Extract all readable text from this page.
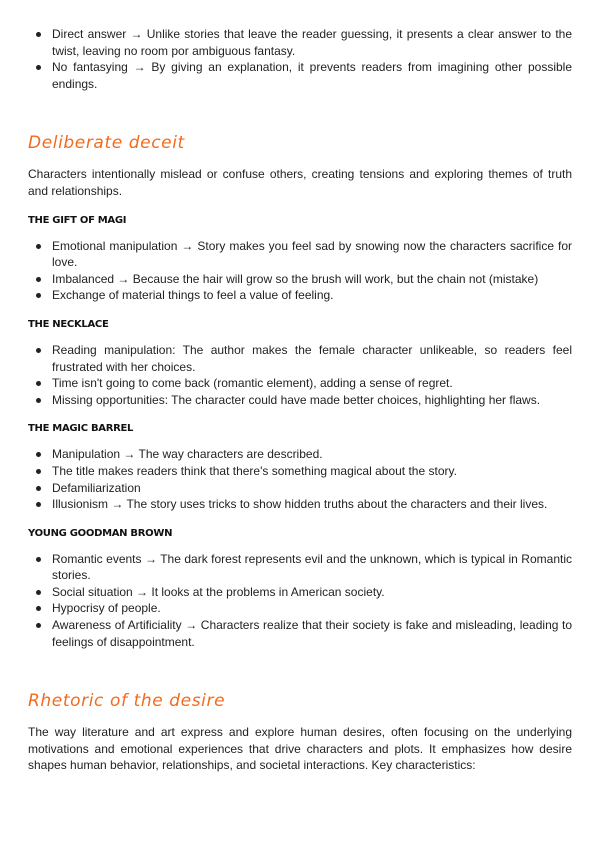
Direct answer → Unlike stories that leave the reader guessing, it presents a clear answer to the twist, leaving no room por ambiguous fantasy.
No fantasying → By giving an explanation, it prevents readers from imagining other possible endings.
Deliberate deceit

Characters intentionally mislead or confuse others, creating tensions and exploring themes of truth and relationships.

THE GIFT OF MAGI
Emotional manipulation → Story makes you feel sad by snowing now the characters sacrifice for love.
Imbalanced → Because the hair will grow so the brush will work, but the chain not (mistake)
Exchange of material things to feel a value of feeling.
THE NECKLACE
Reading manipulation: The author makes the female character unlikeable, so readers feel frustrated with her choices.
Time isn't going to come back (romantic element), adding a sense of regret.
Missing opportunities: The character could have made better choices, highlighting her flaws.
THE MAGIC BARREL
Manipulation → The way characters are described.
The title makes readers think that there's something magical about the story.
Defamiliarization
Illusionism → The story uses tricks to show hidden truths about the characters and their lives.
YOUNG GOODMAN BROWN
Romantic events → The dark forest represents evil and the unknown, which is typical in Romantic stories.
Social situation → It looks at the problems in American society.
Hypocrisy of people.
Awareness of Artificiality → Characters realize that their society is fake and misleading, leading to feelings of disappointment.
Rhetoric of the desire

The way literature and art express and explore human desires, often focusing on the underlying motivations and emotional experiences that drive characters and plots. It emphasizes how desire shapes human behavior, relationships, and societal interactions. Key characteristics:
